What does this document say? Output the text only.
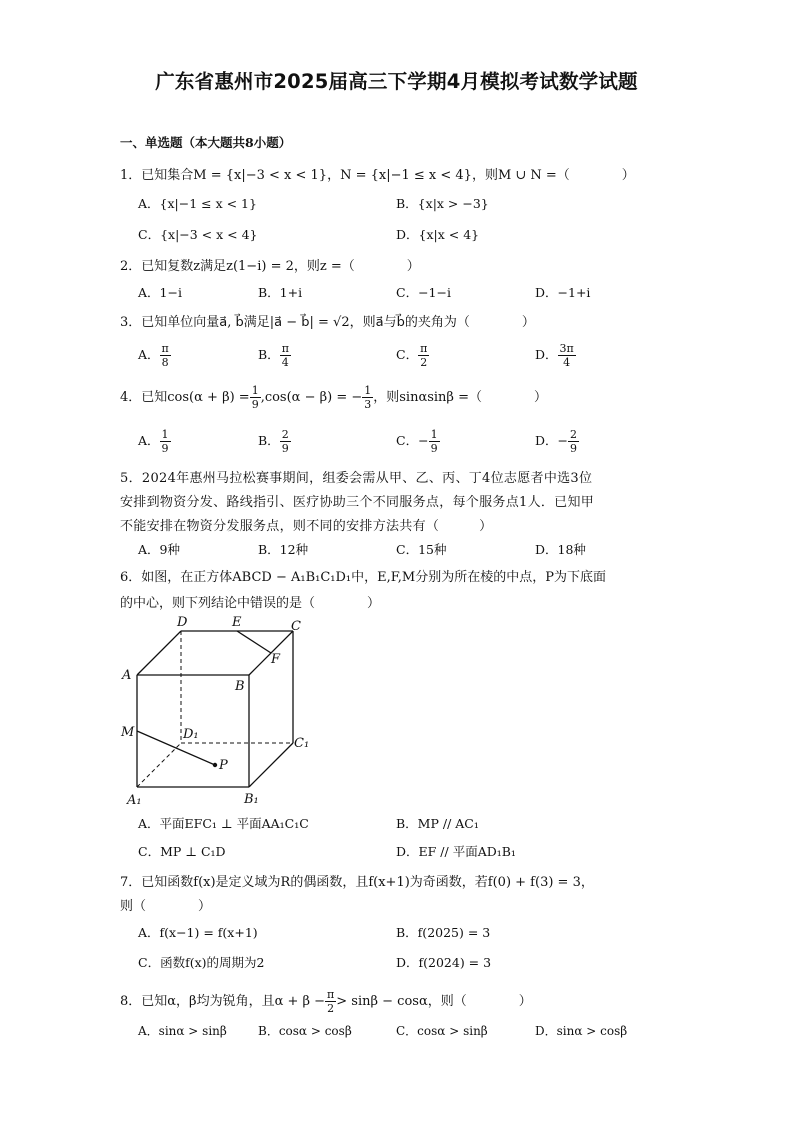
广东省惠州市2025届高三下学期4月模拟考试数学试题
一、单选题（本大题共8小题）
1．已知集合M = {x|−3 < x < 1}，N = {x|−1 ≤ x < 4}，则M ∪ N =（　　　　）
A．{x|−1 ≤ x < 1}	B．{x|x > −3}
C．{x|−3 < x < 4}	D．{x|x < 4}
2．已知复数z满足z(1−i) = 2，则z =（　　　　）
A．1−i	B．1+i	C．−1−i	D．−1+i
3．已知单位向量a⃗, b⃗满足|a⃗ − b⃗| = √2，则a⃗与b⃗的夹角为（　　　　）
A． $\frac{\pi}{8}$	B． $\frac{\pi}{4}$	C． $\frac{\pi}{2}$	D． $\frac{3\pi}{4}$
4．已知$\cos(\alpha + \beta) = \frac{1}{9} ,\cos(\alpha - \beta)$ = − $\frac{1}{3}$ ，则sinαsinβ =（　　　　）
A． $\frac{1}{9}$	B． $\frac{2}{9}$	C．− $\frac{1}{9}$	D．− $\frac{2}{9}$
5．2024年惠州马拉松赛事期间，组委会需从甲、乙、丙、丁4位志愿者中选3位
安排到物资分发、路线指引、医疗协助三个不同服务点，每个服务点1人．已知甲
不能安排在物资分发服务点，则不同的安排方法共有（　　　）
A．9种	B．12种	C．15种	D．18种
6．如图，在正方体ABCD − A₁B₁C₁D₁中，E,F,M分别为所在棱的中点，P为下底面
的中心，则下列结论中错误的是（　　　　）
D	E	C
F
A
B
M	D₁
C₁
P
A₁	B₁
A．平面EFC₁ ⊥ 平面AA₁C₁C	B．MP // AC₁
C．MP ⊥ C₁D	D．EF // 平面AD₁B₁
7．已知函数f(x)是定义域为R的偶函数，且f(x+1)为奇函数，若f(0) + f(3) = 3，
则（　　　　）
A．f(x−1) = f(x+1)	B．f(2025) = 3
C．函数f(x)的周期为2	D．f(2024) = 3
8．已知α，β均为锐角，且$\alpha + \beta - \frac{\pi}{2} > \sin\beta - \cos\alpha$，则（　　　　）
A．sinα > sinβ	B．cosα > cosβ	C．cosα > sinβ	D．sinα > cosβ
